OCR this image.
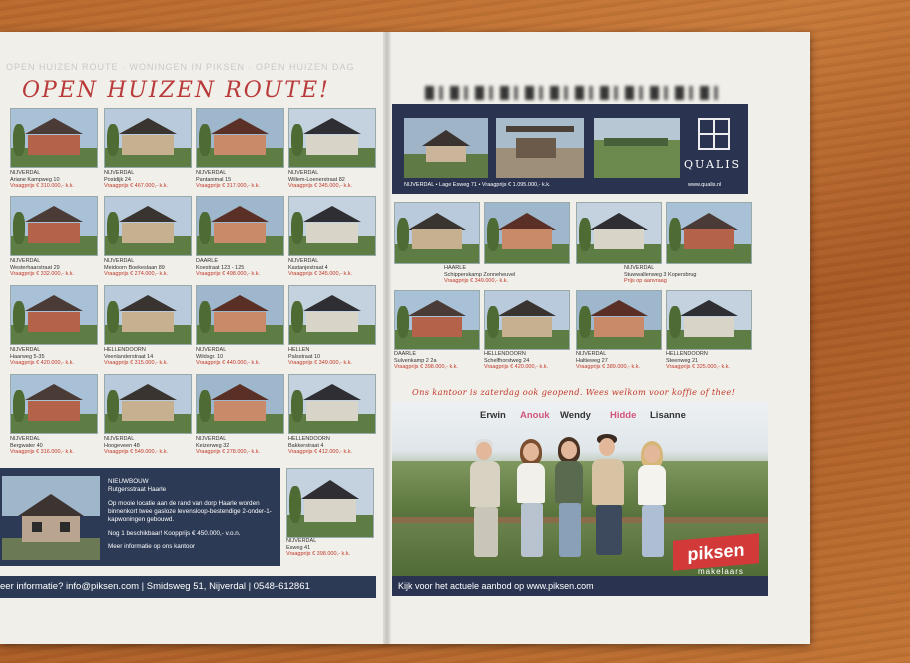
OPEN HUIZEN ROUTE · WONINGEN IN PIKSEN · OPEN HUIZEN DAG
OPEN HUIZEN ROUTE!
NIJVERDAL
Ariane Kampweg 10
Vraagprijs € 310.000,- k.k.
NIJVERDAL
Postdijk 24
Vraagprijs € 467.000,- k.k.
NIJVERDAL
Pantanimal 15
Vraagprijs € 317.000,- k.k.
NIJVERDAL
Willem-Loenerstraat 82
Vraagprijs € 345.000,- k.k.
NIJVERDAL
Westerhaarstraat 29
Vraagprijs € 332.000,- k.k.
NIJVERDAL
Meidoorn Boekeslaan 89
Vraagprijs € 274.000,- k.k.
DAARLE
Koestraat 123 - 125
Vraagprijs € 498.000,- k.k.
NIJVERDAL
Kastanjestraat 4
Vraagprijs € 345.000,- k.k.
NIJVERDAL
Haarweg 5-35
Vraagprijs € 420.000,- k.k.
HELLENDOORN
Veenlanderstraat 14
Vraagprijs € 315.000,- k.k.
NIJVERDAL
Wildsgr. 10
Vraagprijs € 440.000,- k.k.
HELLEN
Palsstraat 10
Vraagprijs € 349.000,- k.k.
NIJVERDAL
Bergwater 40
Vraagprijs € 316.000,- k.k.
NIJVERDAL
Hoogeveen 48
Vraagprijs € 549.000,- k.k.
NIJVERDAL
Keizerweg 32
Vraagprijs € 278.000,- k.k.
HELLENDOORN
Bakkerstraat 4
Vraagprijs € 412.000,- k.k.
NIJVERDAL
Esweg 41
Vraagprijs € 398.000,- k.k.
NIEUWBOUW
Rutgersstraat Haarle
Op mooie locatie aan de rand van dorp Haarle worden binnenkort twee gasloze levensloop-bestendige 2-onder-1-kapwoningen gebouwd.
Nog 1 beschikbaar! Koopprijs € 450.000,- v.o.n.
Meer informatie op ons kantoor
eer informatie? info@piksen.com | Smidsweg 51, Nijverdal | 0548-612861
QUALIS
www.qualis.nl
NIJVERDAL • Lage Esweg 71 • Vraagprijs € 1.095.000,- k.k.
HAARLE
Schipperskamp Zonneheuvel
Vraagprijs € 349.000,- k.k.
NIJVERDAL
Stuwwallenweg 3 Kopersbrug
Prijs op aanvraag
DAARLE
Sulvenkamp 2 2a
Vraagprijs € 398.000,- k.k.
HELLENDOORN
Schelfhorstweg 24
Vraagprijs € 420.000,- k.k.
NIJVERDAL
Haltieweg 27
Vraagprijs € 389.000,- k.k.
HELLENDOORN
Steenweg 21
Vraagprijs € 325.000,- k.k.
Ons kantoor is zaterdag ook geopend. Wees welkom voor koffie of thee!
Erwin Anouk Wendy Hidde Lisanne
piksen
makelaars
Kijk voor het actuele aanbod op www.piksen.com
